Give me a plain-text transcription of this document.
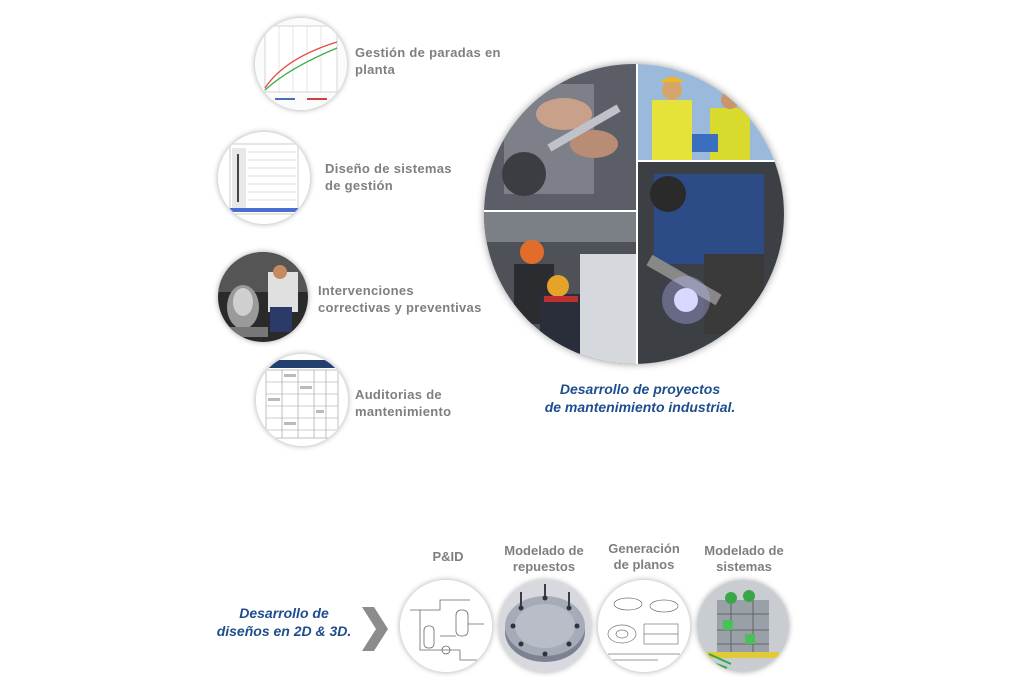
Gestión de paradas en
planta
Diseño de sistemas
de gestión
Intervenciones
correctivas y preventivas
Auditorias de
mantenimiento
Desarrollo de proyectos
de mantenimiento industrial.
Desarrollo de
diseños en 2D & 3D.
P&ID	Modelado de
repuestos
Generación
de planos
Modelado de
sistemas
